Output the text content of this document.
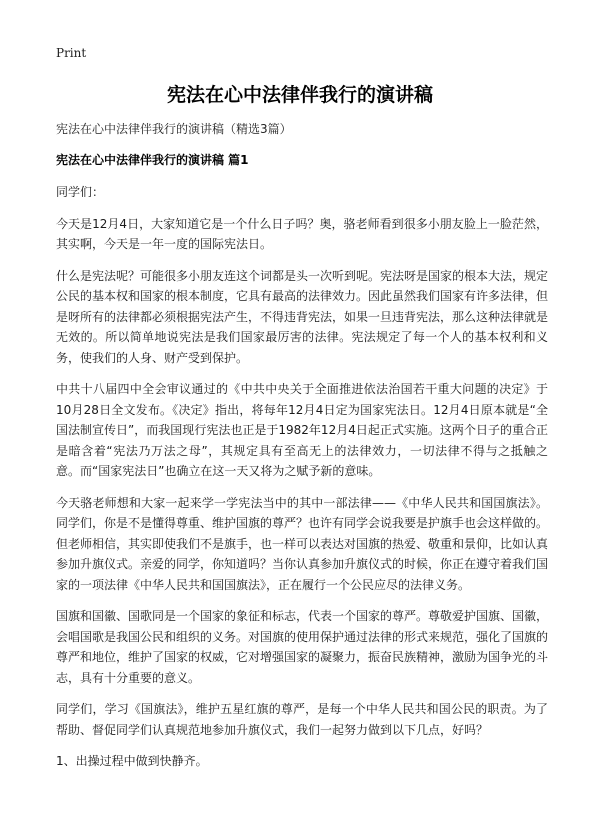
Print
宪法在心中法律伴我行的演讲稿
宪法在心中法律伴我行的演讲稿（精选3篇）
宪法在心中法律伴我行的演讲稿 篇1

同学们：

今天是12月4日，大家知道它是一个什么日子吗？奥，骆老师看到很多小朋友脸上一脸茫然，其实啊，今天是一年一度的国际宪法日。

什么是宪法呢？可能很多小朋友连这个词都是头一次听到呢。宪法呀是国家的根本大法，规定公民的基本权和国家的根本制度，它具有最高的法律效力。因此虽然我们国家有许多法律，但是呀所有的法律都必须根据宪法产生，不得违背宪法，如果一旦违背宪法，那么这种法律就是无效的。所以简单地说宪法是我们国家最厉害的法律。宪法规定了每一个人的基本权利和义务，使我们的人身、财产受到保护。

中共十八届四中全会审议通过的《中共中央关于全面推进依法治国若干重大问题的决定》于10月28日全文发布。《决定》指出，将每年12月4日定为国家宪法日。12月4日原本就是“全国法制宣传日”，而我国现行宪法也正是于1982年12月4日起正式实施。这两个日子的重合正是暗含着“宪法乃万法之母”，其规定具有至高无上的法律效力，一切法律不得与之抵触之意。而“国家宪法日”也确立在这一天又将为之赋予新的意味。

今天骆老师想和大家一起来学一学宪法当中的其中一部法律——《中华人民共和国国旗法》。同学们，你是不是懂得尊重、维护国旗的尊严？也许有同学会说我要是护旗手也会这样做的。但老师相信，其实即使我们不是旗手，也一样可以表达对国旗的热爱、敬重和景仰，比如认真参加升旗仪式。亲爱的同学，你知道吗？当你认真参加升旗仪式的时候，你正在遵守着我们国家的一项法律《中华人民共和国国旗法》，正在履行一个公民应尽的法律义务。

国旗和国徽、国歌同是一个国家的象征和标志，代表一个国家的尊严。尊敬爱护国旗、国徽，会唱国歌是我国公民和组织的义务。对国旗的使用保护通过法律的形式来规范，强化了国旗的尊严和地位，维护了国家的权威，它对增强国家的凝聚力，振奋民族精神，激励为国争光的斗志，具有十分重要的意义。

同学们，学习《国旗法》，维护五星红旗的尊严，是每一个中华人民共和国公民的职责。为了帮助、督促同学们认真规范地参加升旗仪式，我们一起努力做到以下几点，好吗？

1、出操过程中做到快静齐。
